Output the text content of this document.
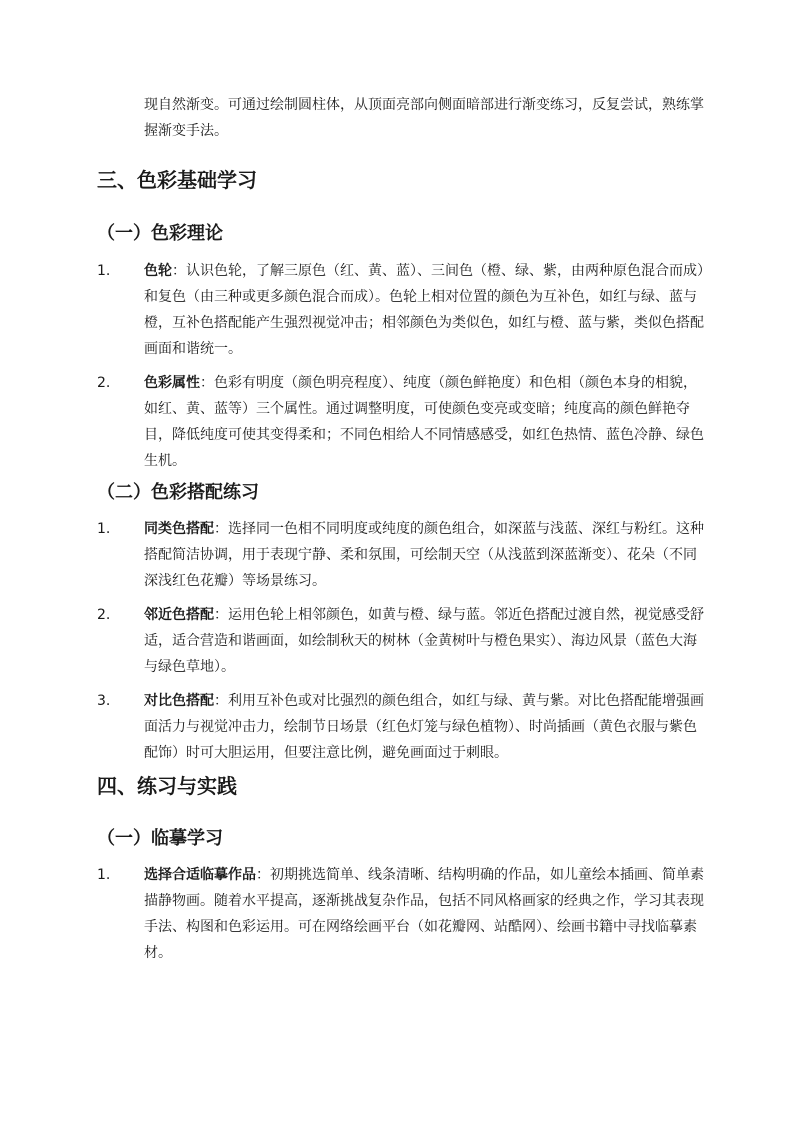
现自然渐变。可通过绘制圆柱体，从顶面亮部向侧面暗部进行渐变练习，反复尝试，熟练掌握渐变手法。
三、色彩基础学习
（一）色彩理论
1.	色轮：认识色轮，了解三原色（红、黄、蓝）、三间色（橙、绿、紫，由两种原色混合而成）和复色（由三种或更多颜色混合而成）。色轮上相对位置的颜色为互补色，如红与绿、蓝与橙，互补色搭配能产生强烈视觉冲击；相邻颜色为类似色，如红与橙、蓝与紫，类似色搭配画面和谐统一。
2.	色彩属性：色彩有明度（颜色明亮程度）、纯度（颜色鲜艳度）和色相（颜色本身的相貌，如红、黄、蓝等）三个属性。通过调整明度，可使颜色变亮或变暗；纯度高的颜色鲜艳夺目，降低纯度可使其变得柔和；不同色相给人不同情感感受，如红色热情、蓝色冷静、绿色生机。
（二）色彩搭配练习
1.	同类色搭配：选择同一色相不同明度或纯度的颜色组合，如深蓝与浅蓝、深红与粉红。这种搭配简洁协调，用于表现宁静、柔和氛围，可绘制天空（从浅蓝到深蓝渐变）、花朵（不同深浅红色花瓣）等场景练习。
2.	邻近色搭配：运用色轮上相邻颜色，如黄与橙、绿与蓝。邻近色搭配过渡自然，视觉感受舒适，适合营造和谐画面，如绘制秋天的树林（金黄树叶与橙色果实）、海边风景（蓝色大海与绿色草地）。
3.	对比色搭配：利用互补色或对比强烈的颜色组合，如红与绿、黄与紫。对比色搭配能增强画面活力与视觉冲击力，绘制节日场景（红色灯笼与绿色植物）、时尚插画（黄色衣服与紫色配饰）时可大胆运用，但要注意比例，避免画面过于刺眼。
四、练习与实践
（一）临摹学习
1.	选择合适临摹作品：初期挑选简单、线条清晰、结构明确的作品，如儿童绘本插画、简单素描静物画。随着水平提高，逐渐挑战复杂作品，包括不同风格画家的经典之作，学习其表现手法、构图和色彩运用。可在网络绘画平台（如花瓣网、站酷网）、绘画书籍中寻找临摹素材。
